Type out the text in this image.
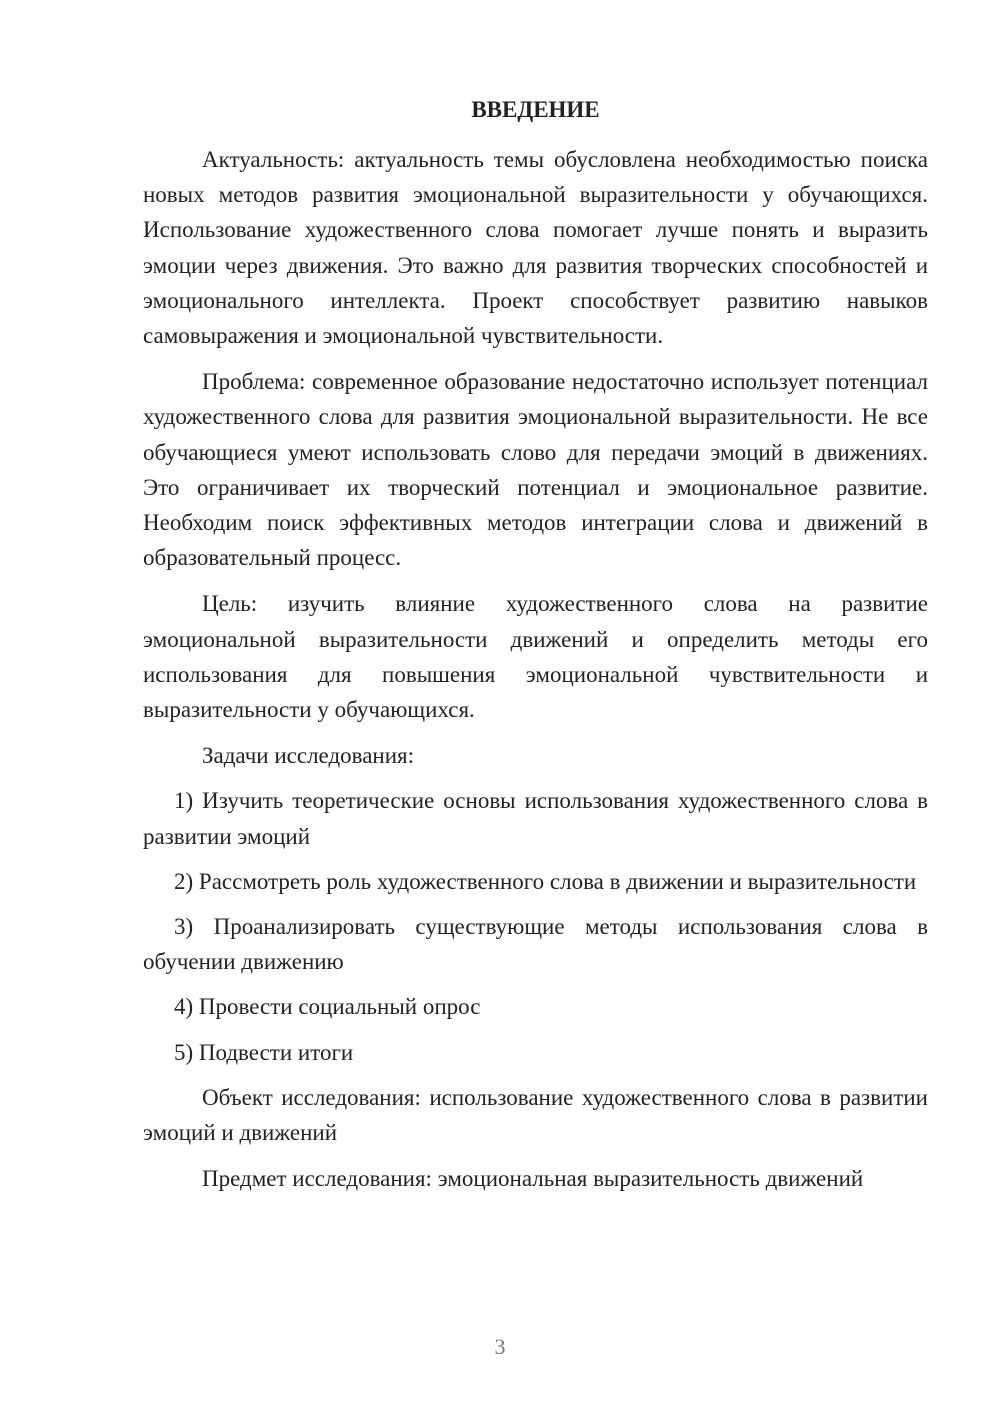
ВВЕДЕНИЕ

Актуальность: актуальность темы обусловлена необходимостью поиска новых методов развития эмоциональной выразительности у обучающихся. Использование художественного слова помогает лучше понять и выразить эмоции через движения. Это важно для развития творческих способностей и эмоционального интеллекта. Проект способствует развитию навыков самовыражения и эмоциональной чувствительности.

Проблема: современное образование недостаточно использует потенциал художественного слова для развития эмоциональной выразительности. Не все обучающиеся умеют использовать слово для передачи эмоций в движениях. Это ограничивает их творческий потенциал и эмоциональное развитие. Необходим поиск эффективных методов интеграции слова и движений в образовательный процесс.

Цель: изучить влияние художественного слова на развитие эмоциональной выразительности движений и определить методы его использования для повышения эмоциональной чувствительности и выразительности у обучающихся.

Задачи исследования:

1) Изучить теоретические основы использования художественного слова в развитии эмоций

2) Рассмотреть роль художественного слова в движении и выразительности

3) Проанализировать существующие методы использования слова в обучении движению

4) Провести социальный опрос

5) Подвести итоги

Объект исследования: использование художественного слова в развитии эмоций и движений

Предмет исследования: эмоциональная выразительность движений

3
